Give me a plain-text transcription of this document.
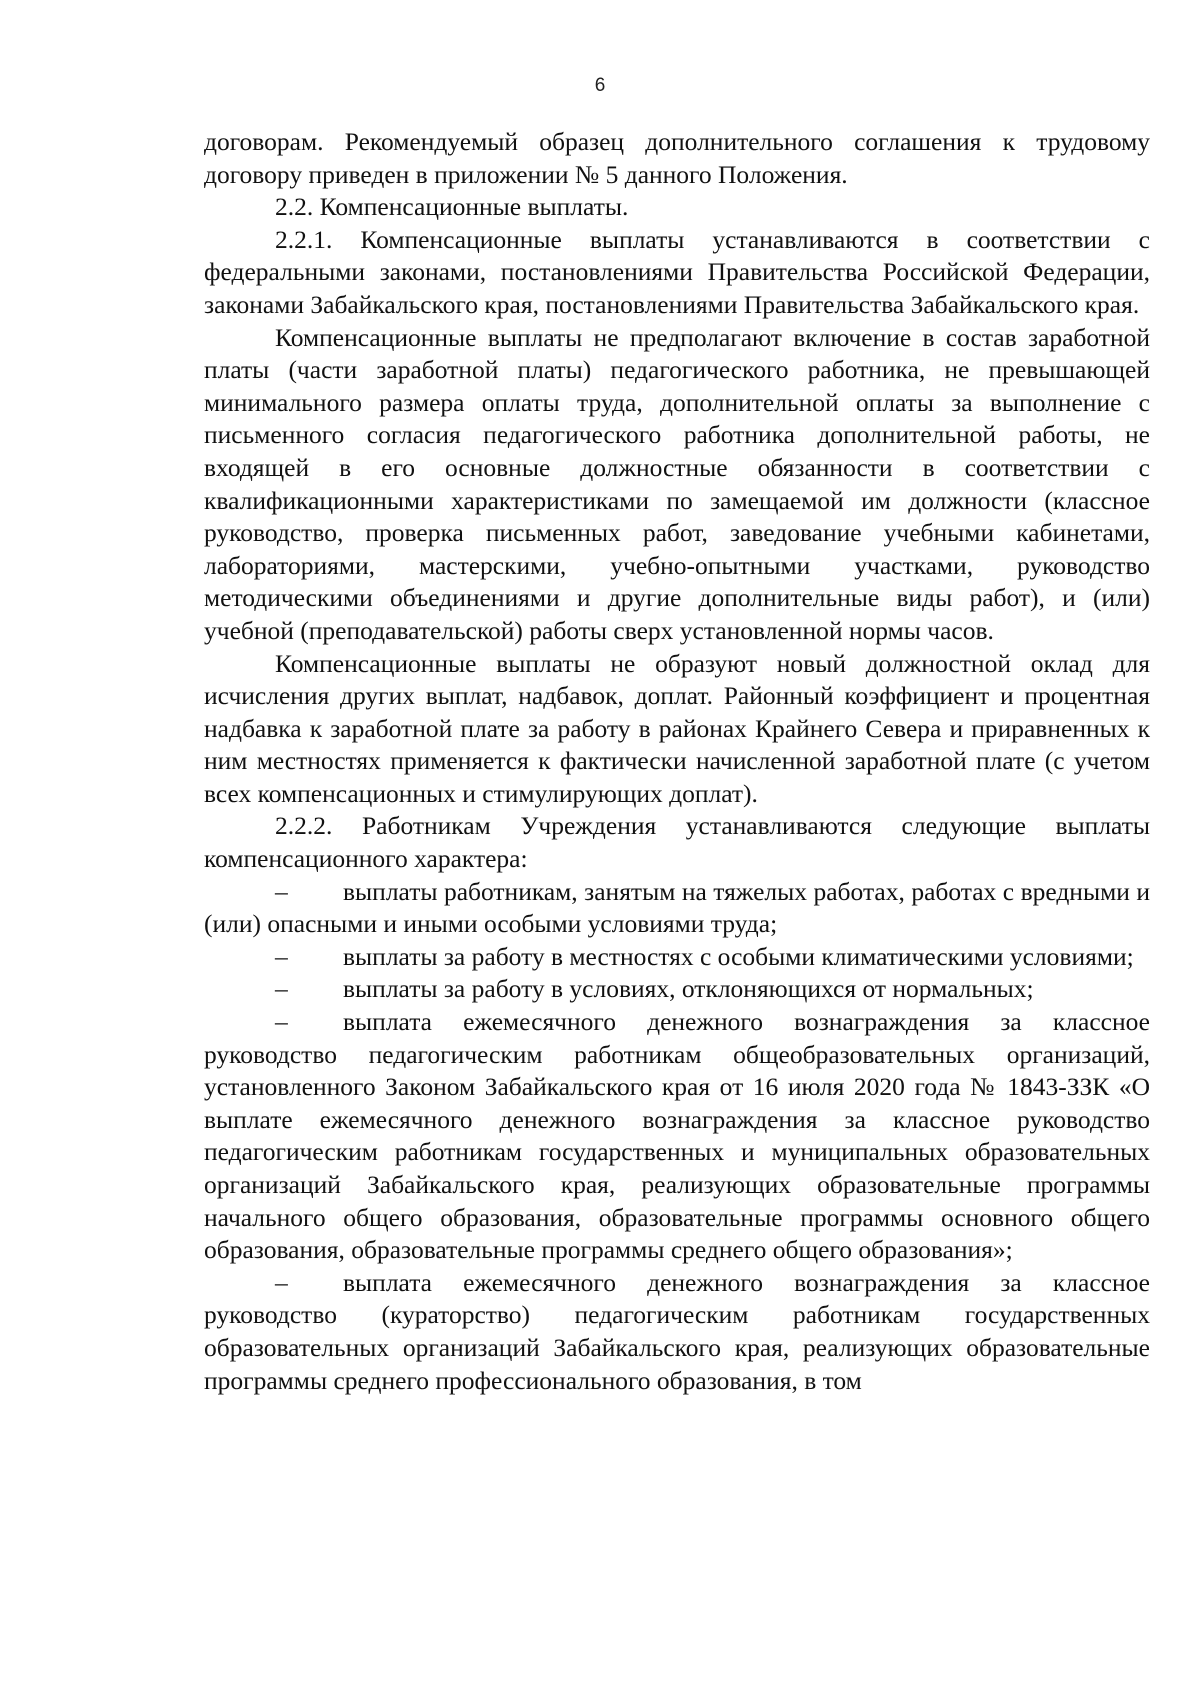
6

договорам. Рекомендуемый образец дополнительного соглашения к трудовому договору приведен в приложении № 5 данного Положения.

2.2. Компенсационные выплаты.

2.2.1. Компенсационные выплаты устанавливаются в соответствии с федеральными законами, постановлениями Правительства Российской Федерации, законами Забайкальского края, постановлениями Правительства Забайкальского края.

Компенсационные выплаты не предполагают включение в состав заработной платы (части заработной платы) педагогического работника, не превышающей минимального размера оплаты труда, дополнительной оплаты за выполнение с письменного согласия педагогического работника дополнительной работы, не входящей в его основные должностные обязанности в соответствии с квалификационными характеристиками по замещаемой им должности (классное руководство, проверка письменных работ, заведование учебными кабинетами, лабораториями, мастерскими, учебно-опытными участками, руководство методическими объединениями и другие дополнительные виды работ), и (или) учебной (преподавательской) работы сверх установленной нормы часов.

Компенсационные выплаты не образуют новый должностной оклад для исчисления других выплат, надбавок, доплат. Районный коэффициент и процентная надбавка к заработной плате за работу в районах Крайнего Севера и приравненных к ним местностях применяется к фактически начисленной заработной плате (с учетом всех компенсационных и стимулирующих доплат).

2.2.2. Работникам Учреждения устанавливаются следующие выплаты компенсационного характера:

– выплаты работникам, занятым на тяжелых работах, работах с вредными и (или) опасными и иными особыми условиями труда;

– выплаты за работу в местностях с особыми климатическими условиями;

– выплаты за работу в условиях, отклоняющихся от нормальных;

– выплата ежемесячного денежного вознаграждения за классное руководство педагогическим работникам общеобразовательных организаций, установленного Законом Забайкальского края от 16 июля 2020 года № 1843-ЗЗК «О выплате ежемесячного денежного вознаграждения за классное руководство педагогическим работникам государственных и муниципальных образовательных организаций Забайкальского края, реализующих образовательные программы начального общего образования, образовательные программы основного общего образования, образовательные программы среднего общего образования»;

– выплата ежемесячного денежного вознаграждения за классное руководство (кураторство) педагогическим работникам государственных образовательных организаций Забайкальского края, реализующих образовательные программы среднего профессионального образования, в том
